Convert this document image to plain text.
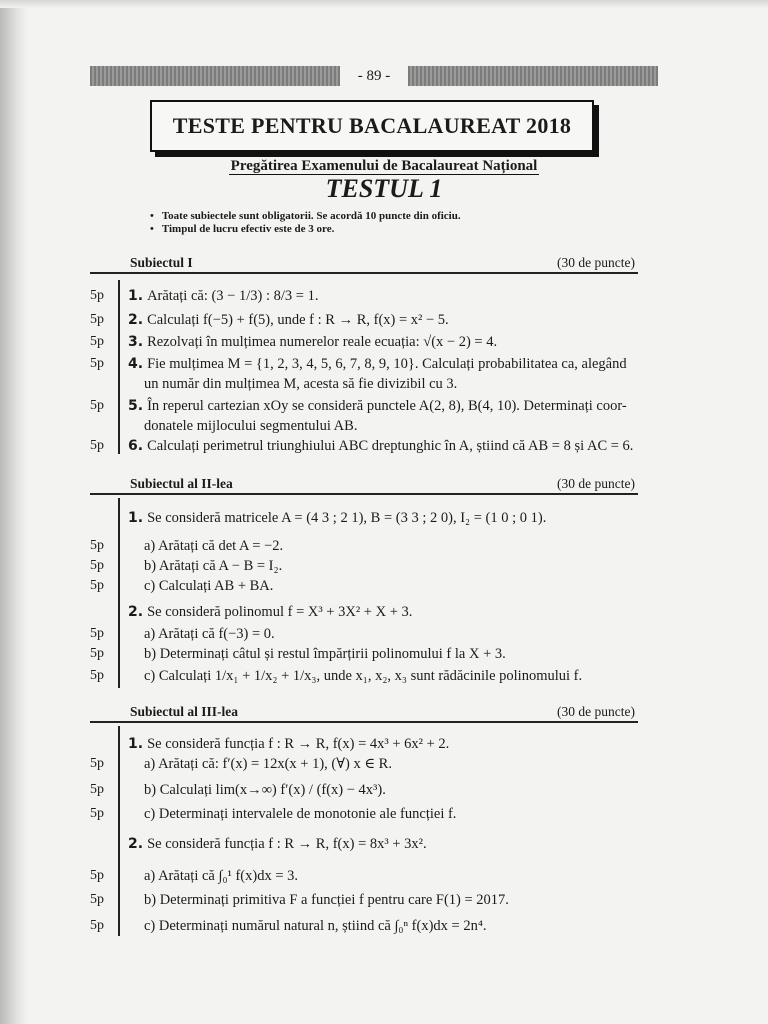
- 89 -
TESTE PENTRU BACALAUREAT 2018
Pregătirea Examenului de Bacalaureat Național
TESTUL 1
• Toate subiectele sunt obligatorii. Se acordă 10 puncte din oficiu.
• Timpul de lucru efectiv este de 3 ore.
Subiectul I	(30 de puncte)
5p	1. Arătați că: (3 − 1/3) : 8/3 = 1.
5p	2. Calculați f(−5) + f(5), unde f : R → R, f(x) = x² − 5.
5p	3. Rezolvați în mulțimea numerelor reale ecuația: √(x − 2) = 4.
5p	4. Fie mulțimea M = {1, 2, 3, 4, 5, 6, 7, 8, 9, 10}. Calculați probabilitatea ca, alegând
un număr din mulțimea M, acesta să fie divizibil cu 3.
5p	5. În reperul cartezian xOy se consideră punctele A(2, 8), B(4, 10). Determinați coor-
donatele mijlocului segmentului AB.
5p	6. Calculați perimetrul triunghiului ABC dreptunghic în A, știind că AB = 8 și AC = 6.
Subiectul al II-lea	(30 de puncte)
1. Se consideră matricele A = (4 3 ; 2 1), B = (3 3 ; 2 0), I₂ = (1 0 ; 0 1).
5p	a) Arătați că det A = −2.
5p	b) Arătați că A − B = I₂.
5p	c) Calculați AB + BA.
2. Se consideră polinomul f = X³ + 3X² + X + 3.
5p	a) Arătați că f(−3) = 0.
5p	b) Determinați câtul și restul împărțirii polinomului f la X + 3.
5p	c) Calculați 1/x₁ + 1/x₂ + 1/x₃, unde x₁, x₂, x₃ sunt rădăcinile polinomului f.
Subiectul al III-lea	(30 de puncte)
1. Se consideră funcția f : R → R, f(x) = 4x³ + 6x² + 2.
5p	a) Arătați că: f′(x) = 12x(x + 1), (∀) x ∈ R.
5p	b) Calculați lim(x→∞) f′(x) / (f(x) − 4x³).
5p	c) Determinați intervalele de monotonie ale funcției f.
2. Se consideră funcția f : R → R, f(x) = 8x³ + 3x².
5p	a) Arătați că ∫₀¹ f(x)dx = 3.
5p	b) Determinați primitiva F a funcției f pentru care F(1) = 2017.
5p	c) Determinați numărul natural n, știind că ∫₀ⁿ f(x)dx = 2n⁴.
